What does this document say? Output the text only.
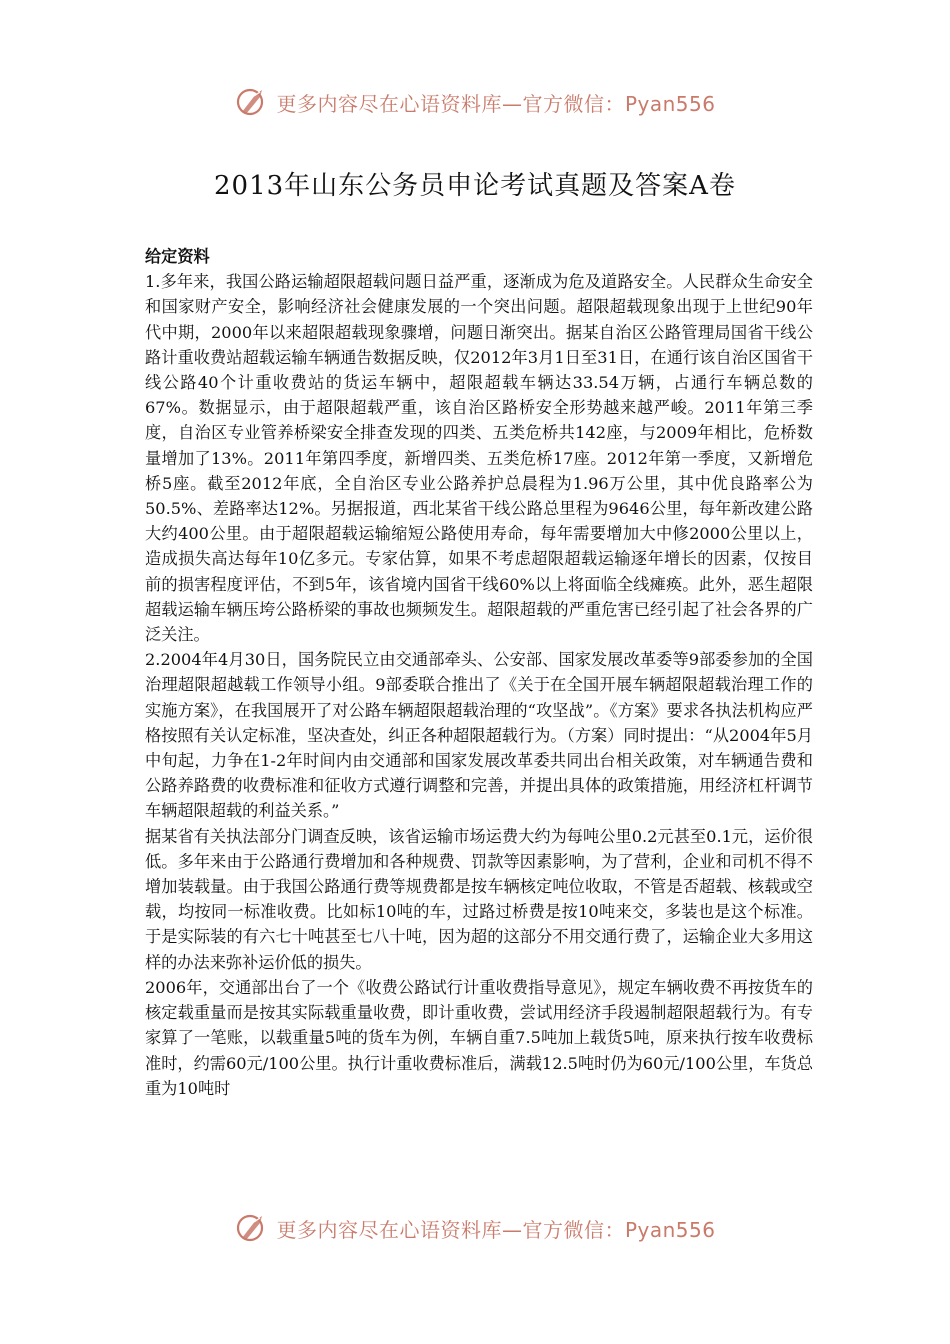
更多内容尽在心语资料库—官方微信：Pyan556
2013年山东公务员申论考试真题及答案A卷

给定资料

1.多年来，我国公路运输超限超载问题日益严重，逐渐成为危及道路安全。人民群众生命安全和国家财产安全，影响经济社会健康发展的一个突出问题。超限超载现象出现于上世纪90年代中期，2000年以来超限超载现象骤增，问题日渐突出。据某自治区公路管理局国省干线公路计重收费站超载运输车辆通告数据反映，仅2012年3月1日至31日，在通行该自治区国省干线公路40个计重收费站的货运车辆中，超限超载车辆达33.54万辆，占通行车辆总数的67%。数据显示，由于超限超载严重，该自治区路桥安全形势越来越严峻。2011年第三季度，自治区专业管养桥梁安全排查发现的四类、五类危桥共142座，与2009年相比，危桥数量增加了13%。2011年第四季度，新增四类、五类危桥17座。2012年第一季度，又新增危桥5座。截至2012年底，全自治区专业公路养护总晨程为1.96万公里，其中优良路率公为50.5%、差路率达12%。另据报道，西北某省干线公路总里程为9646公里，每年新改建公路大约400公里。由于超限超载运输缩短公路使用寿命，每年需要增加大中修2000公里以上，造成损失高达每年10亿多元。专家估算，如果不考虑超限超载运输逐年增长的因素，仅按目前的损害程度评估，不到5年，该省境内国省干线60%以上将面临全线瘫痪。此外，恶生超限超载运输车辆压垮公路桥梁的事故也频频发生。超限超载的严重危害已经引起了社会各界的广泛关注。

2.2004年4月30日，国务院民立由交通部牵头、公安部、国家发展改革委等9部委参加的全国治理超限超越载工作领导小组。9部委联合推出了《关于在全国开展车辆超限超载治理工作的实施方案》，在我国展开了对公路车辆超限超载治理的“攻坚战”。《方案》要求各执法机构应严格按照有关认定标准，坚决查处，纠正各种超限超载行为。（方案）同时提出：“从2004年5月中旬起，力争在1-2年时间内由交通部和国家发展改革委共同出台相关政策，对车辆通告费和公路养路费的收费标准和征收方式遵行调整和完善，并提出具体的政策措施，用经济杠杆调节车辆超限超载的利益关系。”

据某省有关执法部分门调查反映，该省运输市场运费大约为每吨公里0.2元甚至0.1元，运价很低。多年来由于公路通行费增加和各种规费、罚款等因素影响，为了营利，企业和司机不得不增加装载量。由于我国公路通行费等规费都是按车辆核定吨位收取，不管是否超载、核载或空载，均按同一标准收费。比如标10吨的车，过路过桥费是按10吨来交，多装也是这个标准。于是实际装的有六七十吨甚至七八十吨，因为超的这部分不用交通行费了，运输企业大多用这样的办法来弥补运价低的损失。

2006年，交通部出台了一个《收费公路试行计重收费指导意见》，规定车辆收费不再按货车的核定载重量而是按其实际载重量收费，即计重收费，尝试用经济手段遏制超限超载行为。有专家算了一笔账，以载重量5吨的货车为例，车辆自重7.5吨加上载货5吨，原来执行按车收费标准时，约需60元/100公里。执行计重收费标准后，满载12.5吨时仍为60元/100公里，车货总重为10吨时

更多内容尽在心语资料库—官方微信：Pyan556
